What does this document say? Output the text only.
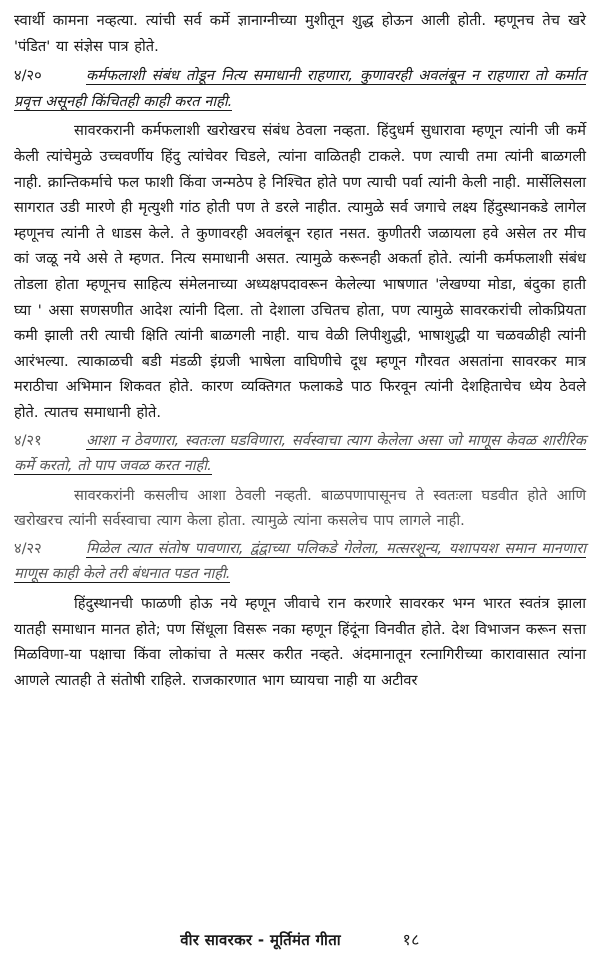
स्वार्थी कामना नव्हत्या. त्यांची सर्व कर्मे ज्ञानाग्नीच्या मुशीतून शुद्ध होऊन आली होती. म्हणूनच तेच खरे 'पंडित' या संज्ञेस पात्र होते.

४/२०	कर्मफलाशी संबंध तोडून नित्य समाधानी राहणारा, कुणावरही अवलंबून न राहणारा तो कर्मात प्रवृत्त असूनही किंचितही काही करत नाही.

सावरकरानी कर्मफलाशी खरोखरच संबंध ठेवला नव्हता. हिंदुधर्म सुधारावा म्हणून त्यांनी जी कर्मे केली त्यांचेमुळे उच्चवर्णीय हिंदु त्यांचेवर चिडले, त्यांना वाळितही टाकले. पण त्याची तमा त्यांनी बाळगली नाही. क्रान्तिकर्माचे फल फाशी किंवा जन्मठेप हे निश्चित होते पण त्याची पर्वा त्यांनी केली नाही. मार्सेलिसला सागरात उडी मारणे ही मृत्युशी गांठ होती पण ते डरले नाहीत. त्यामुळे सर्व जगाचे लक्ष्य हिंदुस्थानकडे लागेल म्हणूनच त्यांनी ते धाडस केले. ते कुणावरही अवलंबून रहात नसत. कुणीतरी जळायला हवे असेल तर मीच कां जळू नये असे ते म्हणत. नित्य समाधानी असत. त्यामुळे करूनही अकर्ता होते. त्यांनी कर्मफलाशी संबंध तोडला होता म्हणूनच साहित्य संमेलनाच्या अध्यक्षपदावरून केलेल्या भाषणात 'लेखण्या मोडा, बंदुका हाती घ्या ' असा सणसणीत आदेश त्यांनी दिला. तो देशाला उचितच होता, पण त्यामुळे सावरकरांची लोकप्रियता कमी झाली तरी त्याची क्षिति त्यांनी बाळगली नाही. याच वेळी लिपीशुद्धी, भाषाशुद्धी या चळवळीही त्यांनी आरंभल्या. त्याकाळची बडी मंडळी इंग्रजी भाषेला वाघिणीचे दूध म्हणून गौरवत असतांना सावरकर मात्र मराठीचा अभिमान शिकवत होते. कारण व्यक्तिगत फलाकडे पाठ फिरवून त्यांनी देशहिताचेच ध्येय ठेवले होते. त्यातच समाधानी होते.

४/२१	आशा न ठेवणारा, स्वतःला घडविणारा, सर्वस्वाचा त्याग केलेला असा जो माणूस केवळ शारीरिक कर्मे करतो, तो पाप जवळ करत नाही.

सावरकरांनी कसलीच आशा ठेवली नव्हती. बाळपणापासूनच ते स्वतःला घडवीत होते आणि खरोखरच त्यांनी सर्वस्वाचा त्याग केला होता. त्यामुळे त्यांना कसलेच पाप लागले नाही.

४/२२	मिळेल त्यात संतोष पावणारा, द्वंद्वाच्या पलिकडे गेलेला, मत्सरशून्य, यशापयश समान मानणारा माणूस काही केले तरी बंधनात पडत नाही.

हिंदुस्थानची फाळणी होऊ नये म्हणून जीवाचे रान करणारे सावरकर भग्न भारत स्वतंत्र झाला यातही समाधान मानत होते; पण सिंधूला विसरू नका म्हणून हिंदूंना विनवीत होते. देश विभाजन करून सत्ता मिळविणा-या पक्षाचा किंवा लोकांचा ते मत्सर करीत नव्हते. अंदमानातून रत्नागिरीच्या कारावासात त्यांना आणले त्यातही ते संतोषी राहिले. राजकारणात भाग घ्यायचा नाही या अटीवर

वीर सावरकर - मूर्तिमंत गीता	१८
